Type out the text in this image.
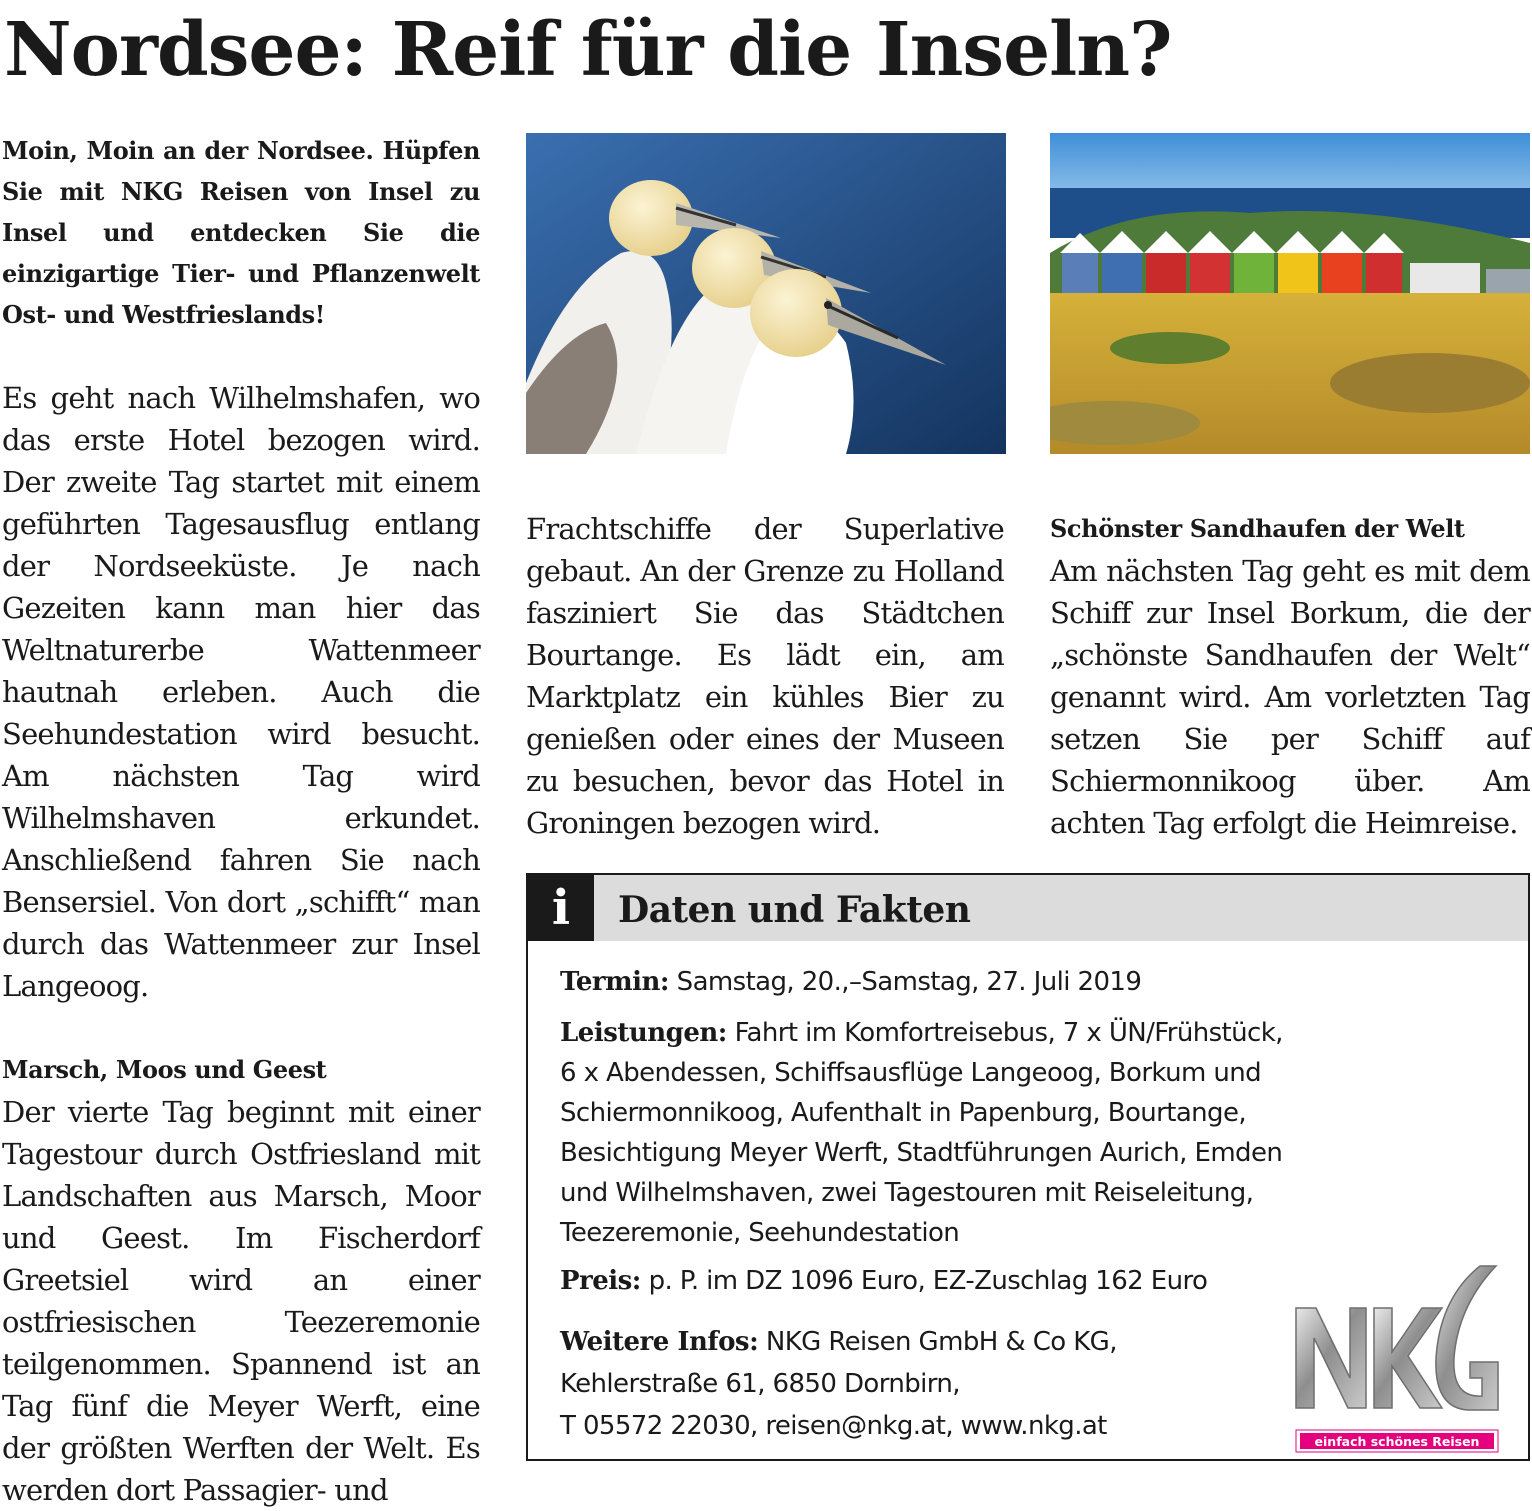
Nordsee: Reif für die Inseln?

Moin, Moin an der Nordsee. Hüpfen Sie mit NKG Reisen von Insel zu Insel und entdecken Sie die einzigartige Tier- und Pflanzenwelt Ost- und Westfrieslands!

Es geht nach Wilhelmshafen, wo das erste Hotel bezogen wird. Der zweite Tag startet mit einem geführten Tagesausflug entlang der Nordseeküste. Je nach Gezeiten kann man hier das Weltnaturerbe Wattenmeer hautnah erleben. Auch die Seehundestation wird besucht. Am nächsten Tag wird Wilhelmshaven erkundet. Anschließend fahren Sie nach Bensersiel. Von dort „schifft“ man durch das Wattenmeer zur Insel Langeoog.

Marsch, Moos und Geest

Der vierte Tag beginnt mit einer Tagestour durch Ostfriesland mit Landschaften aus Marsch, Moor und Geest. Im Fischerdorf Greetsiel wird an einer ostfriesischen Teezeremonie teilgenommen. Spannend ist an Tag fünf die Meyer Werft, eine der größten Werften der Welt. Es werden dort Passagier- und

Frachtschiffe der Superlative gebaut. An der Grenze zu Holland fasziniert Sie das Städtchen Bourtange. Es lädt ein, am Marktplatz ein kühles Bier zu genießen oder eines der Museen zu besuchen, bevor das Hotel in Groningen bezogen wird.

Schönster Sandhaufen der Welt

Am nächsten Tag geht es mit dem Schiff zur Insel Borkum, die der „schönste Sandhaufen der Welt“ genannt wird. Am vorletzten Tag setzen Sie per Schiff auf Schiermonnikoog über. Am achten Tag erfolgt die Heimreise.

i	Daten und Fakten

Termin: Samstag, 20.,–Samstag, 27. Juli 2019

Leistungen: Fahrt im Komfortreisebus, 7 x ÜN/Frühstück,
6 x Abendessen, Schiffsausflüge Langeoog, Borkum und
Schiermonnikoog, Aufenthalt in Papenburg, Bourtange,
Besichtigung Meyer Werft, Stadtführungen Aurich, Emden
und Wilhelmshaven, zwei Tagestouren mit Reiseleitung,
Teezeremonie, Seehundestation

Preis: p. P. im DZ 1096 Euro, EZ-Zuschlag 162 Euro

Weitere Infos: NKG Reisen GmbH & Co KG,
Kehlerstraße 61, 6850 Dornbirn,
T 05572 22030, reisen@nkg.at, www.nkg.at
einfach schönes Reisen
